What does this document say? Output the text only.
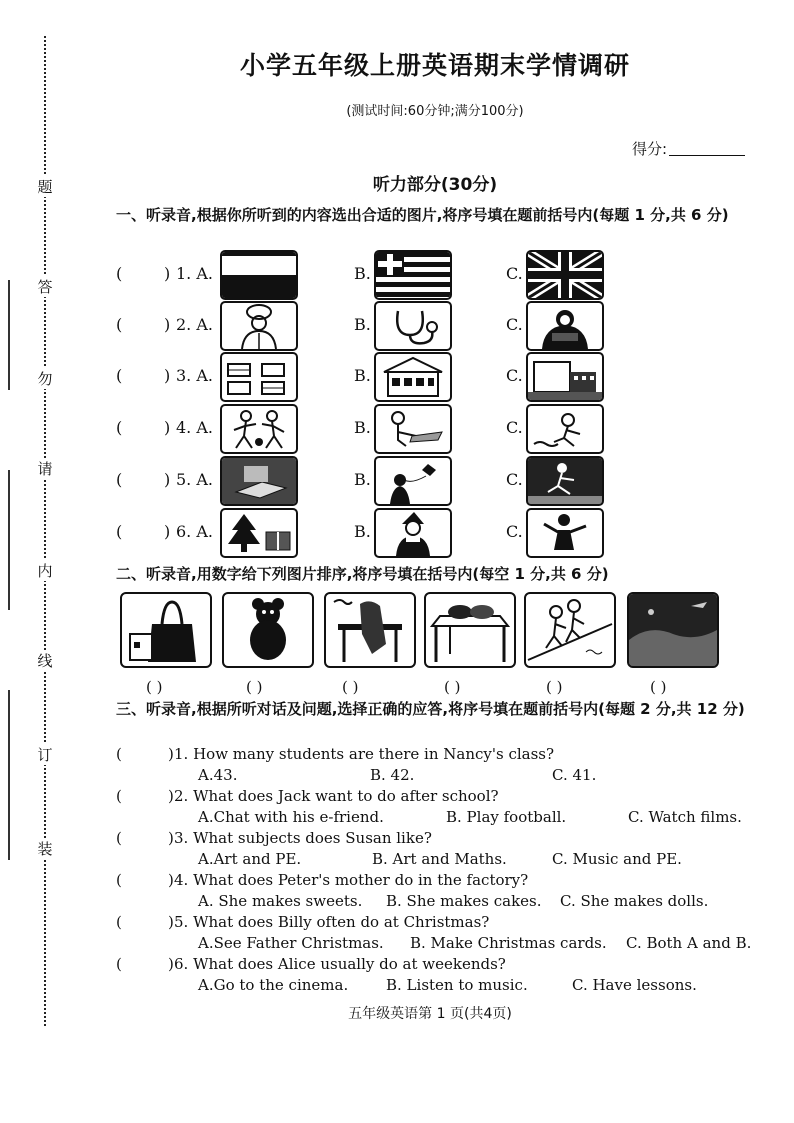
题
答
勿
请
内
线
订
装
小学五年级上册英语期末学情调研
(测试时间:60分钟;满分100分)
得分:
听力部分(30分)
一、听录音,根据你所听到的内容选出合适的图片,将序号填在题前括号内(每题 1 分,共 6 分)
(	) 1. A.	B.	C.
(	) 2. A.	B.	C.
(	) 3. A.	B.	C.
(	) 4. A.	B.	C.
(	) 5. A.	B.	C.
(	) 6. A.	B.	C.
二、听录音,用数字给下列图片排序,将序号填在括号内(每空 1 分,共 6 分)
( )	( )	( )	( )	( )	( )
三、听录音,根据所听对话及问题,选择正确的应答,将序号填在题前括号内(每题 2 分,共 12 分)
(	) 1. How many students are there in Nancy's class?
A.43.	B. 42.	C. 41.
(	) 2. What does Jack want to do after school?
A.Chat with his e-friend.	B. Play football.	C. Watch films.
(	) 3. What subjects does Susan like?
A.Art and PE.	B. Art and Maths.	C. Music and PE.
(	) 4. What does Peter's mother do in the factory?
A. She makes sweets. B. She makes cakes. C. She makes dolls.
(	) 5. What does Billy often do at Christmas?
A.See Father Christmas. B. Make Christmas cards. C. Both A and B.
(	) 6. What does Alice usually do at weekends?
A.Go to the cinema.	B. Listen to music.	C. Have lessons.
五年级英语第 1 页(共4页)
